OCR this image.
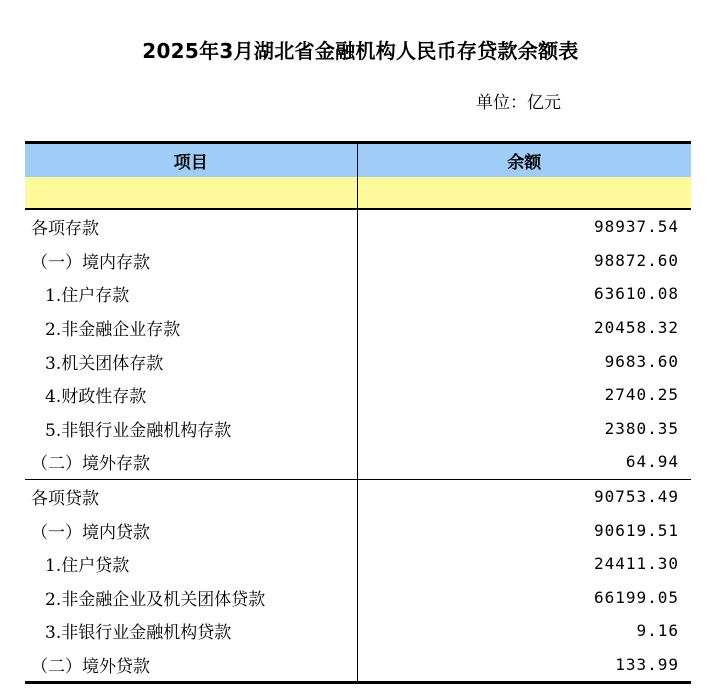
2025年3月湖北省金融机构人民币存贷款余额表
单位：亿元
项目	余额

各项存款	98937.54
（一）境内存款	98872.60
1.住户存款	63610.08
2.非金融企业存款	20458.32
3.机关团体存款	9683.60
4.财政性存款	2740.25
5.非银行业金融机构存款	2380.35
（二）境外存款	64.94
各项贷款	90753.49
（一）境内贷款	90619.51
1.住户贷款	24411.30
2.非金融企业及机关团体贷款	66199.05
3.非银行业金融机构贷款	9.16
（二）境外贷款	133.99
